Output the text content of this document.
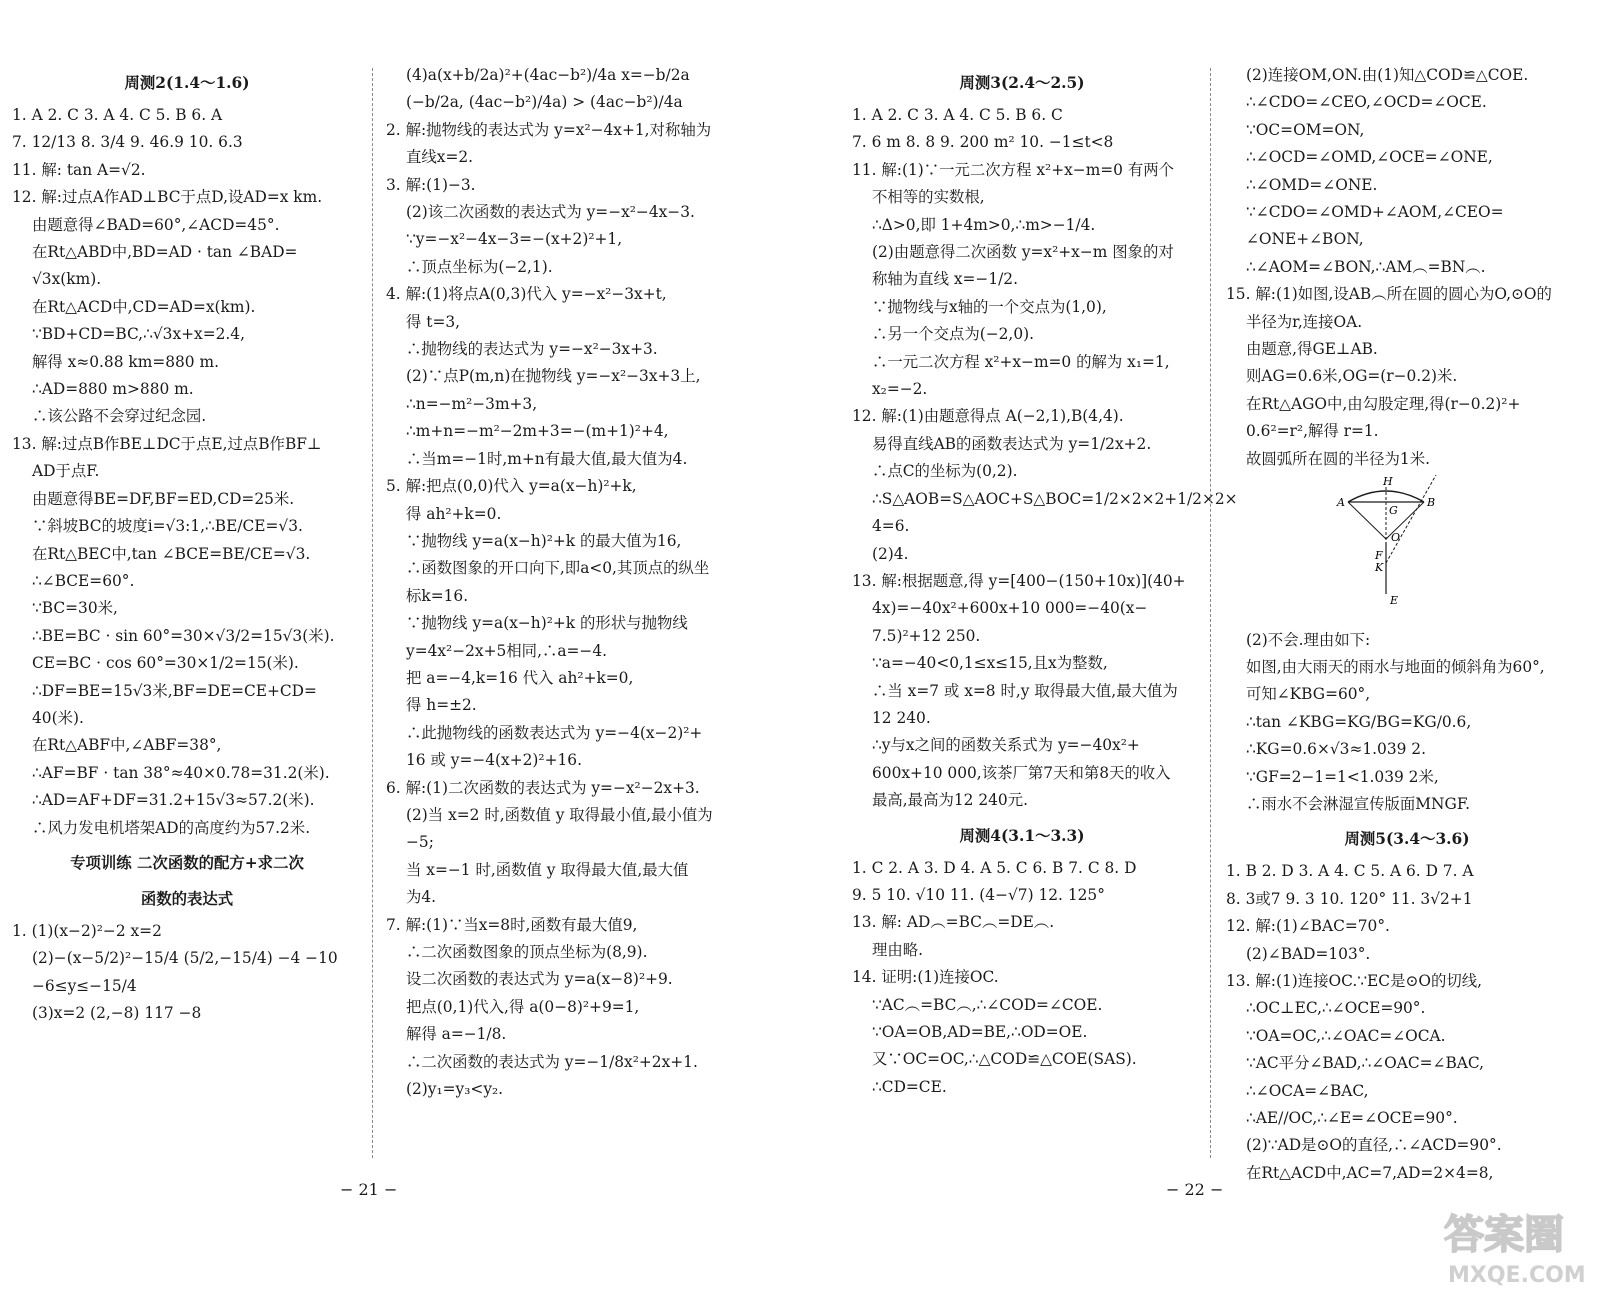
周测2(1.4～1.6)
1. A 2. C 3. A 4. C 5. B 6. A
7. 12/13 8. 3/4 9. 46.9 10. 6.3
11. 解: tan A=√2.
12. 解:过点A作AD⊥BC于点D,设AD=x km.
由题意得∠BAD=60°,∠ACD=45°.
在Rt△ABD中,BD=AD · tan ∠BAD=
√3x(km).
在Rt△ACD中,CD=AD=x(km).
∵BD+CD=BC,∴√3x+x=2.4,
解得 x≈0.88 km=880 m.
∴AD=880 m>880 m.
∴该公路不会穿过纪念园.
13. 解:过点B作BE⊥DC于点E,过点B作BF⊥
AD于点F.
由题意得BE=DF,BF=ED,CD=25米.
∵斜坡BC的坡度i=√3:1,∴BE/CE=√3.
在Rt△BEC中,tan ∠BCE=BE/CE=√3.
∴∠BCE=60°.
∵BC=30米,
∴BE=BC · sin 60°=30×√3/2=15√3(米).
CE=BC · cos 60°=30×1/2=15(米).
∴DF=BE=15√3米,BF=DE=CE+CD=
40(米).
在Rt△ABF中,∠ABF=38°,
∴AF=BF · tan 38°≈40×0.78=31.2(米).
∴AD=AF+DF=31.2+15√3≈57.2(米).
∴风力发电机塔架AD的高度约为57.2米.
专项训练 二次函数的配方+求二次
函数的表达式
1. (1)(x−2)²−2 x=2
(2)−(x−5/2)²−15/4 (5/2,−15/4) −4 −10
−6≤y≤−15/4
(3)x=2 (2,−8) 117 −8
(4)a(x+b/2a)²+(4ac−b²)/4a x=−b/2a
(−b/2a, (4ac−b²)/4a) > (4ac−b²)/4a
2. 解:抛物线的表达式为 y=x²−4x+1,对称轴为
直线x=2.
3. 解:(1)−3.
(2)该二次函数的表达式为 y=−x²−4x−3.
∵y=−x²−4x−3=−(x+2)²+1,
∴顶点坐标为(−2,1).
4. 解:(1)将点A(0,3)代入 y=−x²−3x+t,
得 t=3,
∴抛物线的表达式为 y=−x²−3x+3.
(2)∵点P(m,n)在抛物线 y=−x²−3x+3上,
∴n=−m²−3m+3,
∴m+n=−m²−2m+3=−(m+1)²+4,
∴当m=−1时,m+n有最大值,最大值为4.
5. 解:把点(0,0)代入 y=a(x−h)²+k,
得 ah²+k=0.
∵抛物线 y=a(x−h)²+k 的最大值为16,
∴函数图象的开口向下,即a<0,其顶点的纵坐
标k=16.
∵抛物线 y=a(x−h)²+k 的形状与抛物线
y=4x²−2x+5相同,∴a=−4.
把 a=−4,k=16 代入 ah²+k=0,
得 h=±2.
∴此抛物线的函数表达式为 y=−4(x−2)²+
16 或 y=−4(x+2)²+16.
6. 解:(1)二次函数的表达式为 y=−x²−2x+3.
(2)当 x=2 时,函数值 y 取得最小值,最小值为
−5;
当 x=−1 时,函数值 y 取得最大值,最大值
为4.
7. 解:(1)∵当x=8时,函数有最大值9,
∴二次函数图象的顶点坐标为(8,9).
设二次函数的表达式为 y=a(x−8)²+9.
把点(0,1)代入,得 a(0−8)²+9=1,
解得 a=−1/8.
∴二次函数的表达式为 y=−1/8x²+2x+1.
(2)y₁=y₃<y₂.
周测3(2.4～2.5)
1. A 2. C 3. A 4. C 5. B 6. C
7. 6 m 8. 8 9. 200 m² 10. −1≤t<8
11. 解:(1)∵一元二次方程 x²+x−m=0 有两个
不相等的实数根,
∴Δ>0,即 1+4m>0,∴m>−1/4.
(2)由题意得二次函数 y=x²+x−m 图象的对
称轴为直线 x=−1/2.
∵抛物线与x轴的一个交点为(1,0),
∴另一个交点为(−2,0).
∴一元二次方程 x²+x−m=0 的解为 x₁=1,
x₂=−2.
12. 解:(1)由题意得点 A(−2,1),B(4,4).
易得直线AB的函数表达式为 y=1/2x+2.
∴点C的坐标为(0,2).
∴S△AOB=S△AOC+S△BOC=1/2×2×2+1/2×2×
4=6.
(2)4.
13. 解:根据题意,得 y=[400−(150+10x)](40+
4x)=−40x²+600x+10 000=−40(x−
7.5)²+12 250.
∵a=−40<0,1≤x≤15,且x为整数,
∴当 x=7 或 x=8 时,y 取得最大值,最大值为
12 240.
∴y与x之间的函数关系式为 y=−40x²+
600x+10 000,该茶厂第7天和第8天的收入
最高,最高为12 240元.
周测4(3.1～3.3)
1. C 2. A 3. D 4. A 5. C 6. B 7. C 8. D
9. 5 10. √10 11. (4−√7) 12. 125°
13. 解: AD︵=BC︵=DE︵.
理由略.
14. 证明:(1)连接OC.
∵AC︵=BC︵,∴∠COD=∠COE.
∵OA=OB,AD=BE,∴OD=OE.
又∵OC=OC,∴△COD≌△COE(SAS).
∴CD=CE.
(2)连接OM,ON.由(1)知△COD≌△COE.
∴∠CDO=∠CEO,∠OCD=∠OCE.
∵OC=OM=ON,
∴∠OCD=∠OMD,∠OCE=∠ONE,
∴∠OMD=∠ONE.
∵∠CDO=∠OMD+∠AOM,∠CEO=
∠ONE+∠BON,
∴∠AOM=∠BON,∴AM︵=BN︵.
15. 解:(1)如图,设AB︵所在圆的圆心为O,⊙O的
半径为r,连接OA.
由题意,得GE⊥AB.
则AG=0.6米,OG=(r−0.2)米.
在Rt△AGO中,由勾股定理,得(r−0.2)²+
0.6²=r²,解得 r=1.
故圆弧所在圆的半径为1米.
H
A
G
B
O
F
K
E
(2)不会.理由如下:
如图,由大雨天的雨水与地面的倾斜角为60°,
可知∠KBG=60°,
∴tan ∠KBG=KG/BG=KG/0.6,
∴KG=0.6×√3≈1.039 2.
∵GF=2−1=1<1.039 2米,
∴雨水不会淋湿宣传版面MNGF.
周测5(3.4～3.6)
1. B 2. D 3. A 4. C 5. A 6. D 7. A
8. 3或7 9. 3 10. 120° 11. 3√2+1
12. 解:(1)∠BAC=70°.
(2)∠BAD=103°.
13. 解:(1)连接OC.∵EC是⊙O的切线,
∴OC⊥EC,∴∠OCE=90°.
∵OA=OC,∴∠OAC=∠OCA.
∵AC平分∠BAD,∴∠OAC=∠BAC,
∴∠OCA=∠BAC,
∴AE//OC,∴∠E=∠OCE=90°.
(2)∵AD是⊙O的直径,∴∠ACD=90°.
在Rt△ACD中,AC=7,AD=2×4=8,
− 21 −	− 22 −
答案圈
MXQE.COM
